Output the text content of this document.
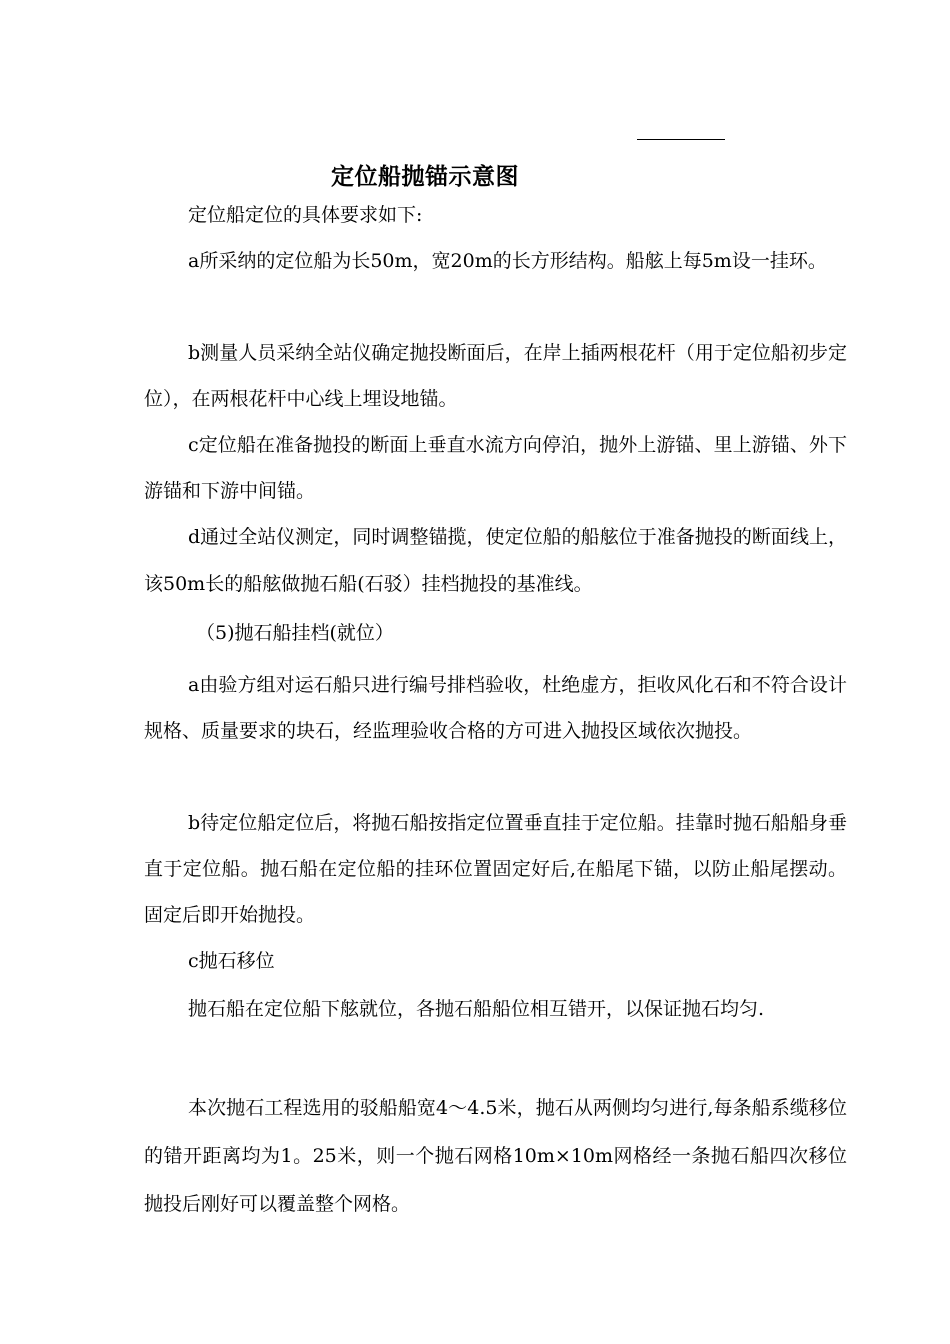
定位船抛锚示意图

定位船定位的具体要求如下:

a所采纳的定位船为长50m，宽20m的长方形结构。船舷上每5m设一挂环。

b测量人员采纳全站仪确定抛投断面后，在岸上插两根花杆（用于定位船初步定位），在两根花杆中心线上埋设地锚。

c定位船在准备抛投的断面上垂直水流方向停泊，抛外上游锚、里上游锚、外下游锚和下游中间锚。

d通过全站仪测定，同时调整锚揽，使定位船的船舷位于准备抛投的断面线上，该50m长的船舷做抛石船(石驳）挂档抛投的基准线。

（5)抛石船挂档(就位）

a由验方组对运石船只进行编号排档验收，杜绝虚方，拒收风化石和不符合设计规格、质量要求的块石，经监理验收合格的方可进入抛投区域依次抛投。

b待定位船定位后，将抛石船按指定位置垂直挂于定位船。挂靠时抛石船船身垂直于定位船。抛石船在定位船的挂环位置固定好后,在船尾下锚，以防止船尾摆动。固定后即开始抛投。

c抛石移位

抛石船在定位船下舷就位，各抛石船船位相互错开，以保证抛石均匀.

本次抛石工程选用的驳船船宽4～4.5米，抛石从两侧均匀进行,每条船系缆移位的错开距离均为1。25米，则一个抛石网格10m×10m网格经一条抛石船四次移位抛投后刚好可以覆盖整个网格。
